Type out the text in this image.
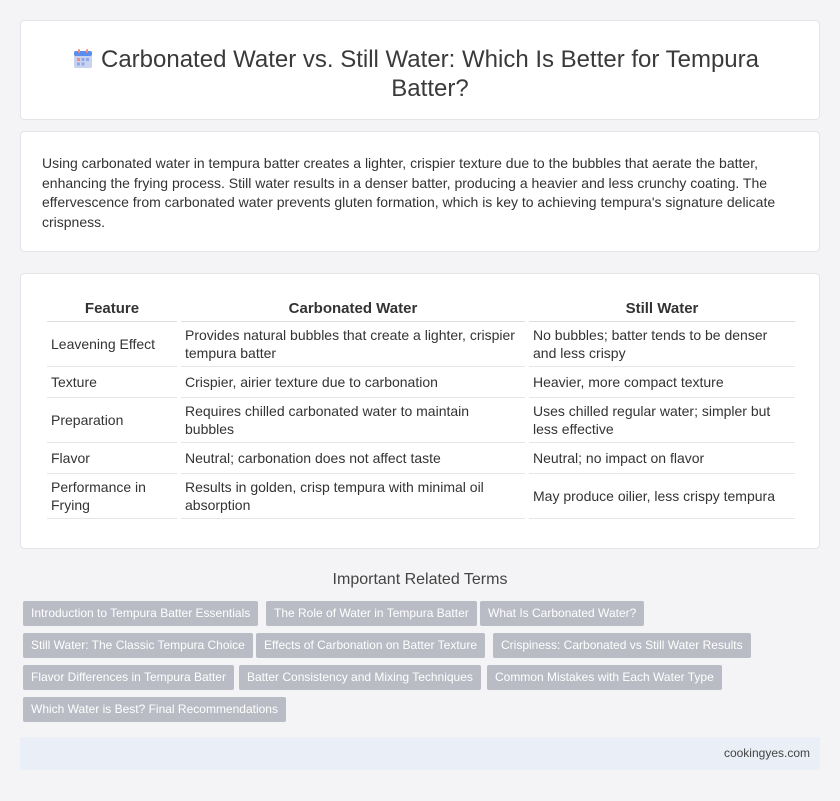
Carbonated Water vs. Still Water: Which Is Better for Tempura Batter?

Using carbonated water in tempura batter creates a lighter, crispier texture due to the bubbles that aerate the batter, enhancing the frying process. Still water results in a denser batter, producing a heavier and less crunchy coating. The effervescence from carbonated water prevents gluten formation, which is key to achieving tempura's signature delicate crispness.

Feature	Carbonated Water	Still Water
Leavening Effect	Provides natural bubbles that create a lighter, crispier tempura batter	No bubbles; batter tends to be denser and less crispy
Texture	Crispier, airier texture due to carbonation	Heavier, more compact texture
Preparation	Requires chilled carbonated water to maintain bubbles	Uses chilled regular water; simpler but less effective
Flavor	Neutral; carbonation does not affect taste	Neutral; no impact on flavor
Performance in Frying	Results in golden, crisp tempura with minimal oil absorption	May produce oilier, less crispy tempura
Important Related Terms
Introduction to Tempura Batter Essentials	The Role of Water in Tempura Batter	What Is Carbonated Water?
Still Water: The Classic Tempura Choice	Effects of Carbonation on Batter Texture	Crispiness: Carbonated vs Still Water Results
Flavor Differences in Tempura Batter	Batter Consistency and Mixing Techniques	Common Mistakes with Each Water Type
Which Water is Best? Final Recommendations
cookingyes.com
